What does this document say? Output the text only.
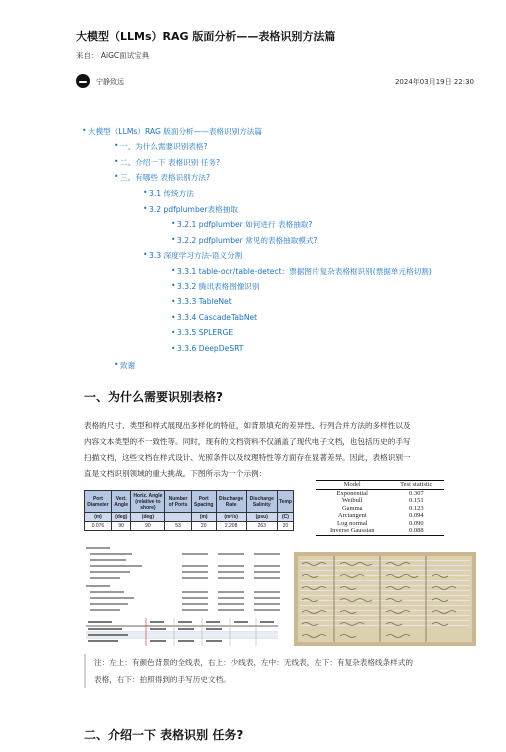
大模型（LLMs）RAG 版面分析——表格识别方法篇
来自： AiGC面试宝典
宁静致远	2024年03月19日 22:30
• 大模型（LLMs）RAG 版面分析——表格识别方法篇
• 一、为什么需要识别表格?
• 二、介绍一下 表格识别 任务?
• 三、有哪些 表格识别方法?
• 3.1 传统方法
• 3.2 pdfplumber表格抽取
• 3.2.1 pdfplumber 如何进行 表格抽取?
• 3.2.2 pdfplumber 常见的表格抽取模式?
• 3.3 深度学习方法-语义分割
• 3.3.1 table-ocr/table-detect：票据图片复杂表格框识别(票据单元格切割)
• 3.3.2 腾讯表格图像识别
• 3.3.3 TableNet
• 3.3.4 CascadeTabNet
• 3.3.5 SPLERGE
• 3.3.6 DeepDeSRT
• 致谢
一、为什么需要识别表格?
表格的尺寸、类型和样式展现出多样化的特征，如背景填充的差异性、行列合并方法的多样性以及
内容文本类型的不一致性等。同时，现有的文档资料不仅涵盖了现代电子文档，也包括历史的手写
扫描文档，这些文档在样式设计、光照条件以及纹理特性等方面存在显著差异。因此，表格识别一
直是文档识别领域的重大挑战。下图所示为一个示例：
Port Diameter	Vert. Angle	Horiz. Angle (relative to shore)	Number of Ports	Port Spacing	Discharge Rate	Discharge Salinity	Temp
(m)	(deg)	(deg)		(m)	(m³/s)	(psu)	(C)
0.076	90	90	53	20	2.208	263	20
Model	Test statistic
Exponential	0.307
Weibull	0.151
Gamma	0.123
Arctangent	0.094
Log normal	0.090
Inverse Gaussian	0.088
注：左上：有颜色背景的全线表，右上：少线表，左中：无线表，左下：有复杂表格线条样式的
表格，右下：拍照得到的手写历史文档。
二、介绍一下 表格识别 任务?
